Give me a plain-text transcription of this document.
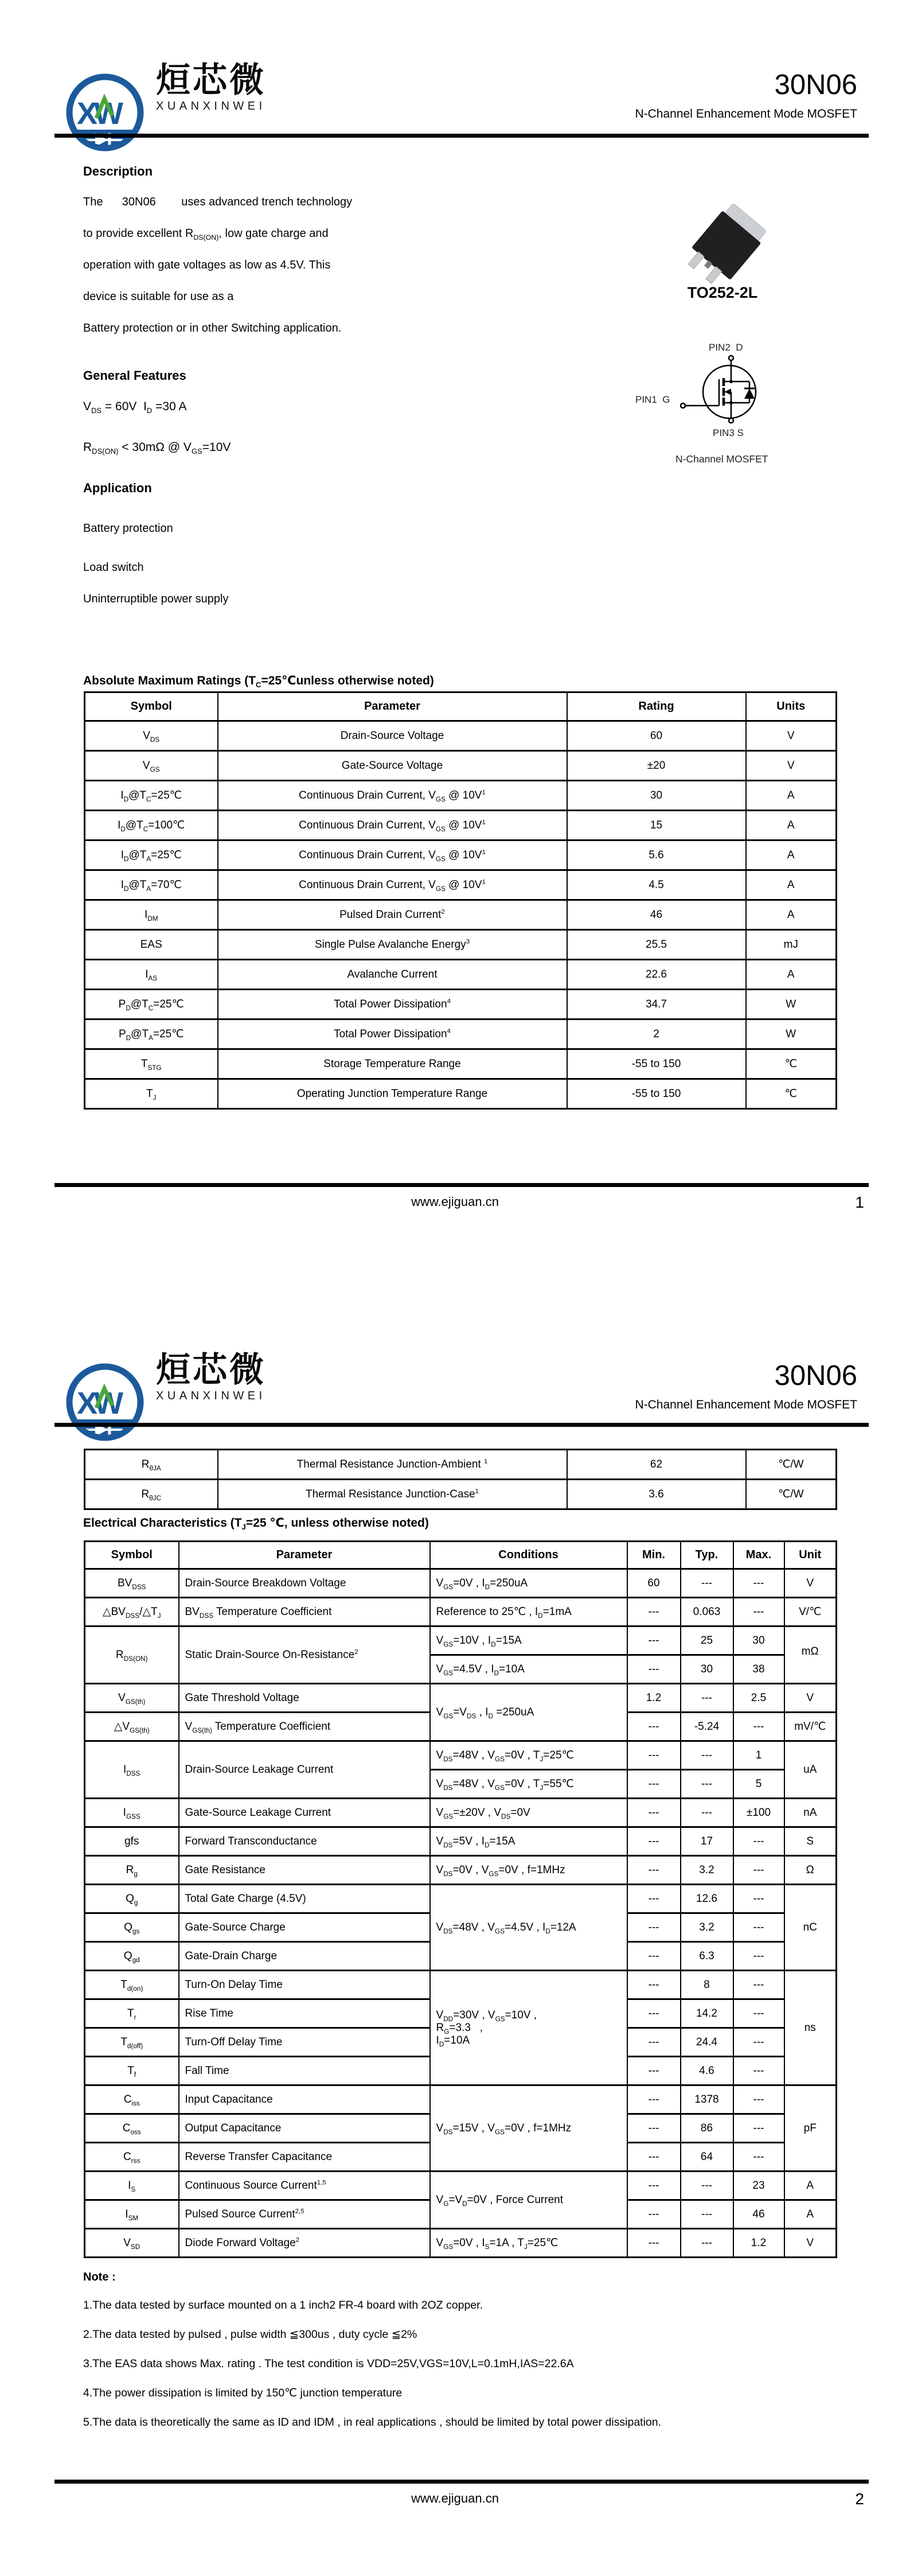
XW
烜芯微
XUANXINWEI
30N06
N-Channel Enhancement Mode MOSFET
Description
The      30N06        uses advanced trench technology
to provide excellent $R_{DS(ON)}$, low gate charge and
operation with gate voltages as low as 4.5V. This
device is suitable for use as a
Battery protection or in other Switching application.
General Features
$V_{DS} = 60V$  $I_D =30$ A
$R_{DS(ON)} < 30m\Omega$ @ $V_{GS}=10V$
Application
Battery protection
Load switch
Uninterruptible power supply
TO252-2L
PIN2  D
PIN1  G
PIN3 S
N-Channel MOSFET
Absolute Maximum Ratings ($T_C=25℃unless$ otherwise noted)
Symbol	Parameter	Rating	Units
$V_{DS}$	Drain-Source Voltage	60	V
$V_{GS}$	Gate-Source Voltage	±20	V
$I_D@T_C=25℃$	Continuous Drain Current, $V_{GS}$ @ $10V^1$	30	A
$I_D@T_C=100℃$	Continuous Drain Current, $V_{GS}$ @ $10V^1$	15	A
$I_D@T_A=25℃$	Continuous Drain Current, $V_{GS}$ @ $10V^1$	5.6	A
$I_D@T_A=70℃$	Continuous Drain Current, $V_{GS}$ @ $10V^1$	4.5	A
$I_{DM}$	Pulsed Drain Current$^2$	46	A
EAS	Single Pulse Avalanche Energy$^3$	25.5	mJ
$I_{AS}$	Avalanche Current	22.6	A
$P_D@T_C=25℃$	Total Power Dissipation$^4$	34.7	W
$P_D@T_A=25℃$	Total Power Dissipation$^4$	2	W
$T_{STG}$	Storage Temperature Range	-55 to 150	℃
$T_J$	Operating Junction Temperature Range	-55 to 150	℃
www.ejiguan.cn	1
XW
烜芯微
XUANXINWEI
30N06
N-Channel Enhancement Mode MOSFET
$R_{\theta JA}$	Thermal Resistance Junction-Ambient $^1$	62	℃/W
$R_{\theta JC}$	Thermal Resistance Junction-Case$^1$	3.6	℃/W
Electrical Characteristics ($T_J=25$ ℃, unless otherwise noted)
Symbol	Parameter	Conditions	Min.	Typ.	Max.	Unit
$BV_{DSS}$	Drain-Source Breakdown Voltage	$V_{GS}=0V$ , $I_D=250uA$	60	---	---	V
$\triangle BV_{DSS}/\triangle T_J$	$BV_{DSS}$ Temperature Coefficient	Reference to 25℃ , $I_D=1mA$	---	0.063	---	V/℃
$R_{DS(ON)}$	Static Drain-Source On-Resistance$^2$	$V_{GS}=10V$ , $I_D=15A$	---	25	30	mΩ
		$V_{GS}=4.5V$ , $I_D=10A$	---	30	38	
$V_{GS(th)}$	Gate Threshold Voltage	$V_{GS}=V_{DS}$ , $I_D =250uA$	1.2	---	2.5	V
$\triangle V_{GS(th)}$	$V_{GS(th)}$ Temperature Coefficient		---	-5.24	---	mV/℃
$I_{DSS}$	Drain-Source Leakage Current	$V_{DS}=48V$ , $V_{GS}=0V$ , $T_J=25℃$	---	---	1	uA
		$V_{DS}=48V$ , $V_{GS}=0V$ , $T_J=55℃$	---	---	5	
$I_{GSS}$	Gate-Source Leakage Current	$V_{GS}=\pm 20V$ , $V_{DS}=0V$	---	---	±100	nA
gfs	Forward Transconductance	$V_{DS}=5V$ , $I_D=15A$	---	17	---	S
$R_g$	Gate Resistance	$V_{DS}=0V$ , $V_{GS}=0V$ , f=1MHz	---	3.2	---	Ω
$Q_g$	Total Gate Charge (4.5V)	$V_{DS}=48V$ , $V_{GS}=4.5V$ , $I_D=12A$	---	12.6	---	nC
$Q_{gs}$	Gate-Source Charge		---	3.2	---	
$Q_{gd}$	Gate-Drain Charge		---	6.3	---	
$T_{d(on)}$	Turn-On Delay Time	$V_{DD}=30V$ , $V_{GS}=10V$ ,
$R_G=3.3$   ,
$I_D=10A$	---	8	---	ns
$T_r$	Rise Time		---	14.2	---	
$T_{d(off)}$	Turn-Off Delay Time		---	24.4	---	
$T_f$	Fall Time		---	4.6	---	
$C_{iss}$	Input Capacitance	$V_{DS}=15V$ , $V_{GS}=0V$ , f=1MHz	---	1378	---	pF
$C_{oss}$	Output Capacitance		---	86	---	
$C_{rss}$	Reverse Transfer Capacitance		---	64	---	
$I_S$	Continuous Source Current$^{1,5}$	$V_G=V_D=0V$ , Force Current	---	---	23	A
$I_{SM}$	Pulsed Source Current$^{2,5}$		---	---	46	A
$V_{SD}$	Diode Forward Voltage$^2$	$V_{GS}=0V$ , $I_S=1A$ , $T_J=25℃$	---	---	1.2	V
Note :
1.The data tested by surface mounted on a 1 inch2 FR-4 board with 2OZ copper.
2.The data tested by pulsed , pulse width ≦300us , duty cycle ≦2%
3.The EAS data shows Max. rating . The test condition is VDD=25V,VGS=10V,L=0.1mH,IAS=22.6A
4.The power dissipation is limited by 150℃ junction temperature
5.The data is theoretically the same as ID and IDM , in real applications , should be limited by total power dissipation.
www.ejiguan.cn	2
